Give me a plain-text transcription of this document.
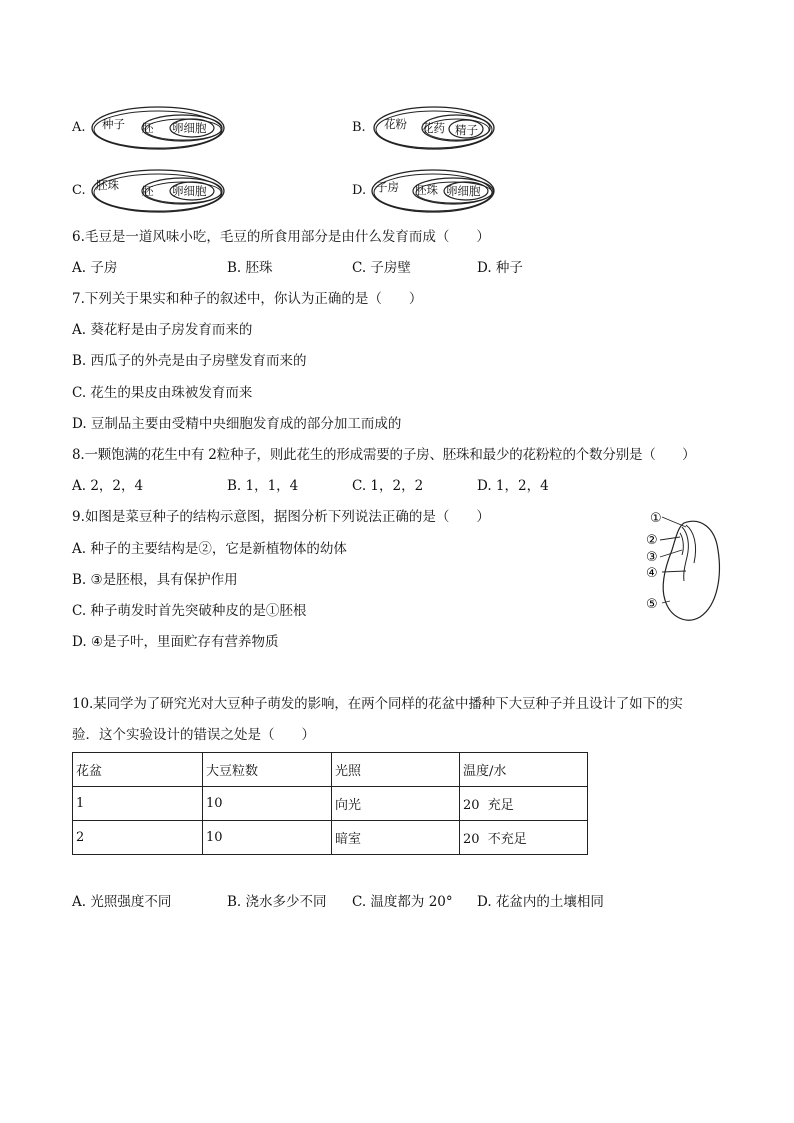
A. 种子 胚 卵细胞	B. 花粉 花药 精子
C. 胚珠 胚 卵细胞	D. 子房 胚珠 卵细胞
6.毛豆是一道风味小吃，毛豆的所食用部分是由什么发育而成（　　）
A. 子房	B. 胚珠	C. 子房壁	D. 种子
7.下列关于果实和种子的叙述中，你认为正确的是（　　）
A. 葵花籽是由子房发育而来的
B. 西瓜子的外壳是由子房壁发育而来的
C. 花生的果皮由珠被发育而来
D. 豆制品主要由受精中央细胞发育成的部分加工而成的
8.一颗饱满的花生中有 2粒种子，则此花生的形成需要的子房、胚珠和最少的花粉粒的个数分别是（　　）
A. 2，2，4	B. 1，1，4	C. 1，2，2	D. 1，2，4
9.如图是菜豆种子的结构示意图，据图分析下列说法正确的是（　　）
A. 种子的主要结构是②，它是新植物体的幼体
B. ③是胚根，具有保护作用
C. 种子萌发时首先突破种皮的是①胚根
D. ④是子叶，里面贮存有营养物质
①
②
③
④
⑤
10.某同学为了研究光对大豆种子萌发的影响，在两个同样的花盆中播种下大豆种子并且设计了如下的实
验．这个实验设计的错误之处是（　　）
花盆	大豆粒数	光照	温度/水
1	10	向光	20  充足
2	10	暗室	20  不充足
A. 光照强度不同	B. 浇水多少不同 C. 温度都为 20° D. 花盆内的土壤相同
